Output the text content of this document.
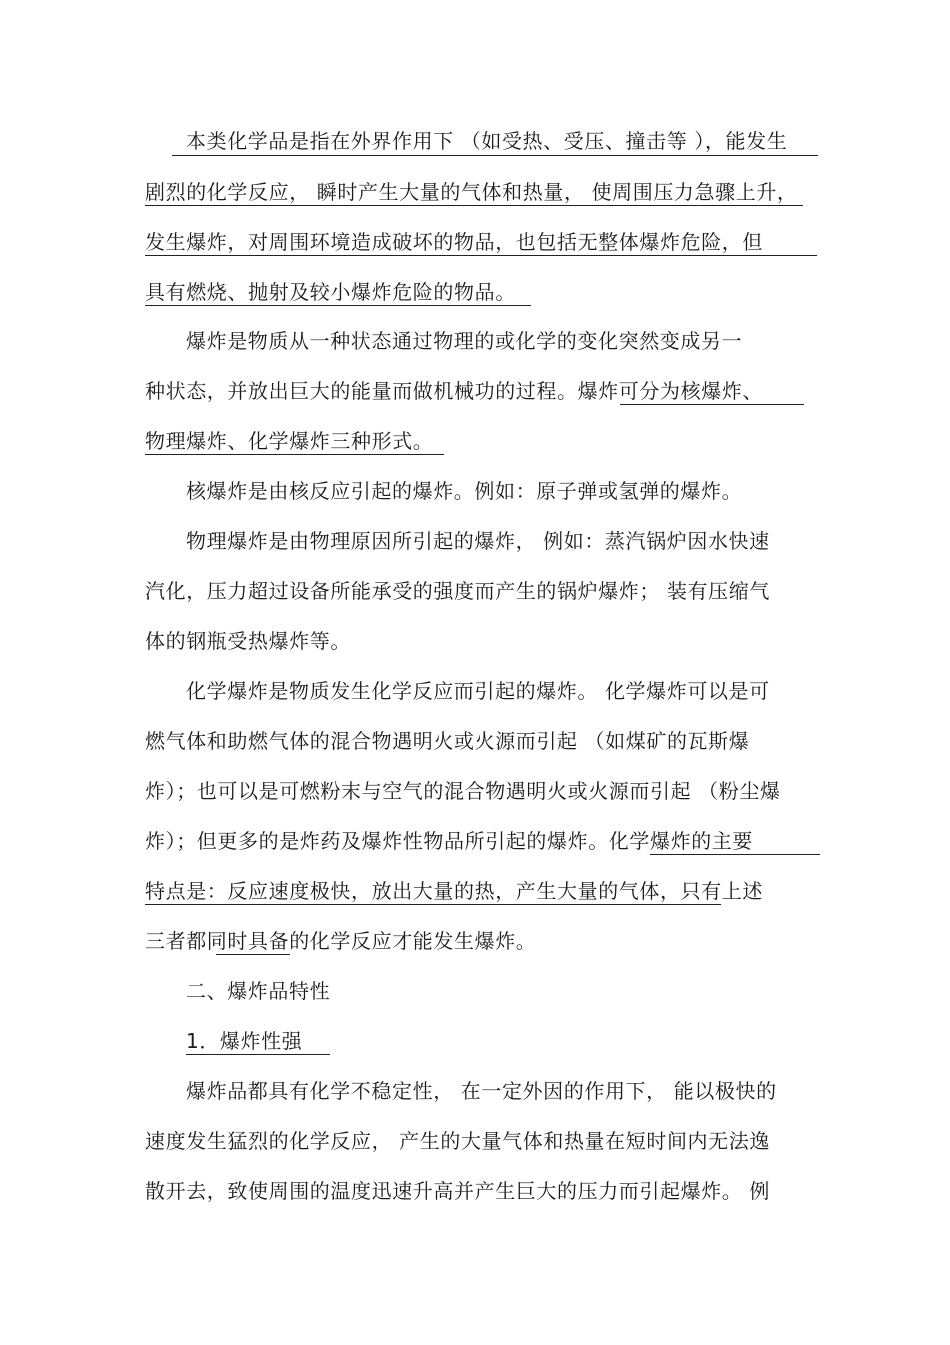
本类化学品是指在外界作用下 （如受热、受压、撞击等 ），能发生
剧烈的化学反应， 瞬时产生大量的气体和热量， 使周围压力急骤上升，
发生爆炸，对周围环境造成破坏的物品，也包括无整体爆炸危险，但
具有燃烧、抛射及较小爆炸危险的物品。
爆炸是物质从一种状态通过物理的或化学的变化突然变成另一
种状态，并放出巨大的能量而做机械功的过程。爆炸可分为核爆炸、
物理爆炸、化学爆炸三种形式。
核爆炸是由核反应引起的爆炸。例如：原子弹或氢弹的爆炸。
物理爆炸是由物理原因所引起的爆炸， 例如：蒸汽锅炉因水快速
汽化，压力超过设备所能承受的强度而产生的锅炉爆炸； 装有压缩气
体的钢瓶受热爆炸等。
化学爆炸是物质发生化学反应而引起的爆炸。 化学爆炸可以是可
燃气体和助燃气体的混合物遇明火或火源而引起 （如煤矿的瓦斯爆
炸）；也可以是可燃粉末与空气的混合物遇明火或火源而引起 （粉尘爆
炸）；但更多的是炸药及爆炸性物品所引起的爆炸。化学爆炸的主要
特点是：反应速度极快，放出大量的热，产生大量的气体，只有上述
三者都同时具备的化学反应才能发生爆炸。
二、爆炸品特性
1．爆炸性强
爆炸品都具有化学不稳定性， 在一定外因的作用下， 能以极快的
速度发生猛烈的化学反应， 产生的大量气体和热量在短时间内无法逸
散开去，致使周围的温度迅速升高并产生巨大的压力而引起爆炸。 例
